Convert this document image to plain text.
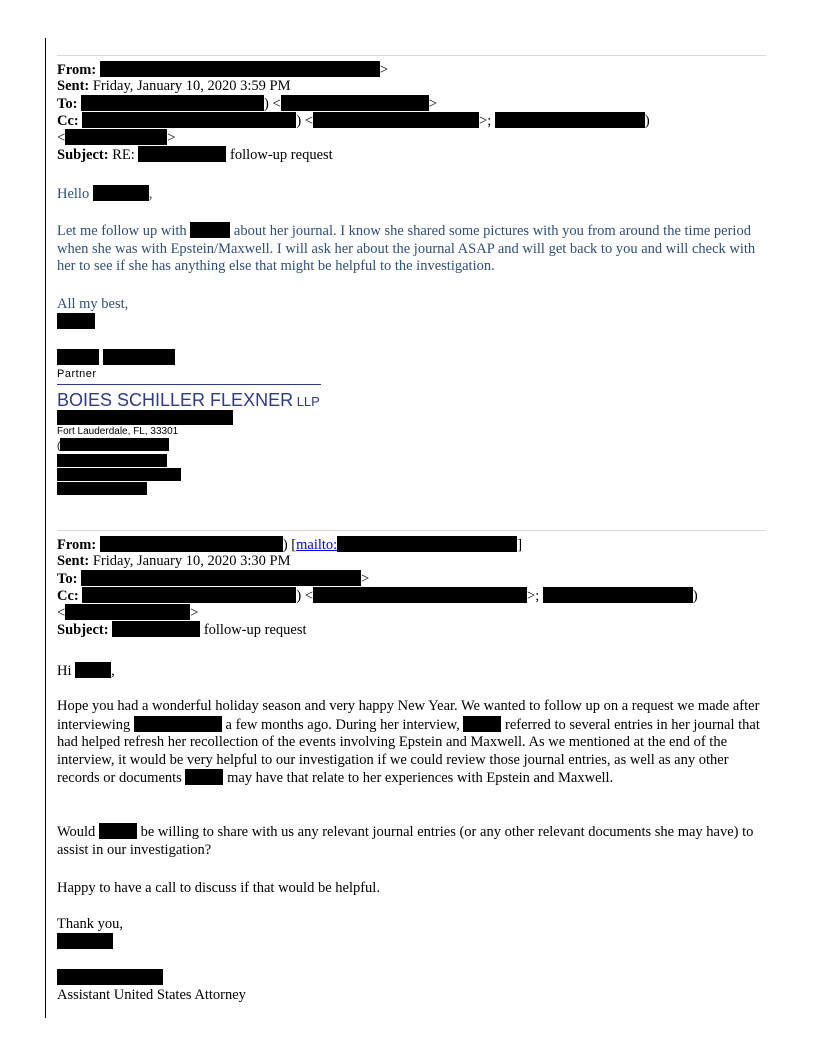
From:	>
Sent: Friday, January 10, 2020 3:59 PM
To:	) <	>
Cc:	) <	>;	)
<	>
Subject: RE:	follow-up request
Hello	,
Let me follow up with	about her journal. I know she shared some pictures with you from around the time period when she was with Epstein/Maxwell. I will ask her about the journal ASAP and will get back to you and will check with her to see if she has anything else that might be helpful to the investigation.
All my best,

Partner
BOIES SCHILLER FLEXNER LLP
Fort Lauderdale, FL, 33301
(
From:	) [mailto:	]
Sent: Friday, January 10, 2020 3:30 PM
To:	>
Cc:	) <	>;	)
<	>
Subject:	follow-up request
Hi	,
Hope you had a wonderful holiday season and very happy New Year. We wanted to follow up on a request we made after interviewing	a few months ago. During her interview,	referred to several entries in her journal that had helped refresh her recollection of the events involving Epstein and Maxwell. As we mentioned at the end of the interview, it would be very helpful to our investigation if we could review those journal entries, as well as any other records or documents	may have that relate to her experiences with Epstein and Maxwell.
Would	be willing to share with us any relevant journal entries (or any other relevant documents she may have) to assist in our investigation?
Happy to have a call to discuss if that would be helpful.
Thank you,
Assistant United States Attorney
